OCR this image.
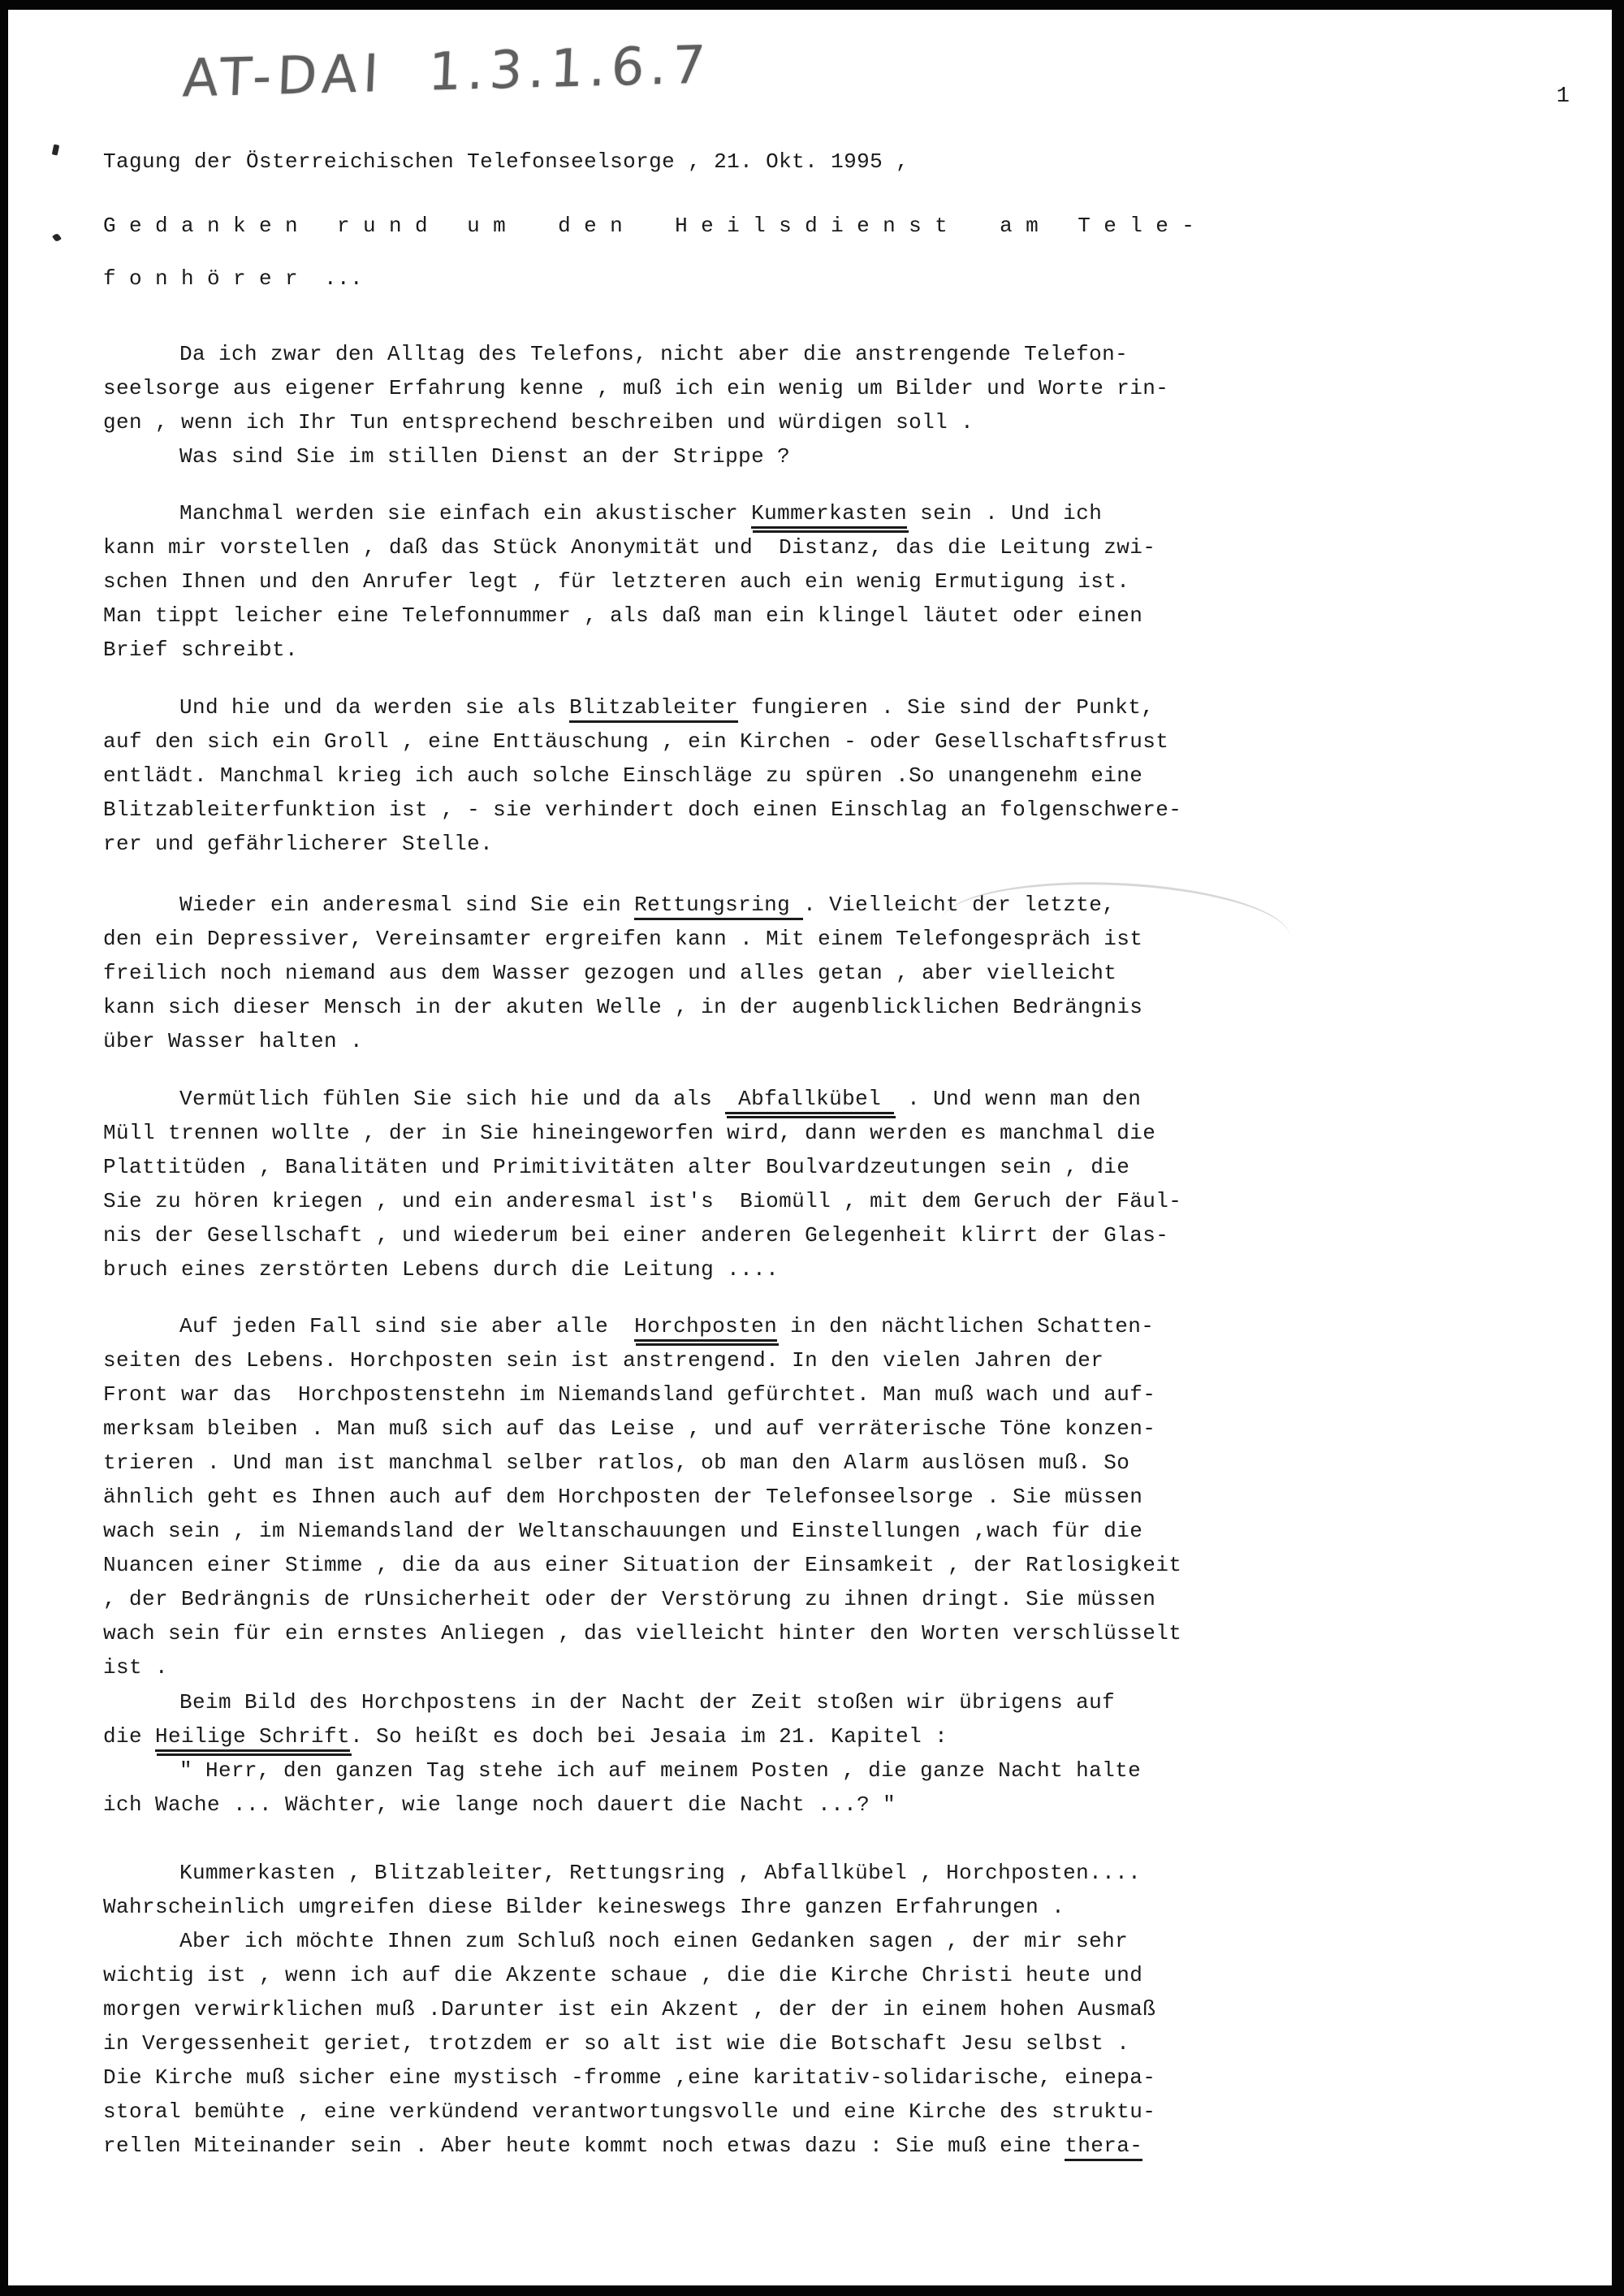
AT-DAI  1.3.1.6.7	1
Tagung der Österreichischen Telefonseelsorge , 21. Okt. 1995 ,
G e d a n k e n   r u n d   u m    d e n    H e i l s d i e n s t    a m   T e l e -
f o n h ö r e r  ...
Da ich zwar den Alltag des Telefons, nicht aber die anstrengende Telefon-
seelsorge aus eigener Erfahrung kenne , muß ich ein wenig um Bilder und Worte rin-
gen , wenn ich Ihr Tun entsprechend beschreiben und würdigen soll .
Was sind Sie im stillen Dienst an der Strippe ?
Manchmal werden sie einfach ein akustischer Kummerkasten sein . Und ich
kann mir vorstellen , daß das Stück Anonymität und  Distanz, das die Leitung zwi-
schen Ihnen und den Anrufer legt , für letzteren auch ein wenig Ermutigung ist.
Man tippt leicher eine Telefonnummer , als daß man ein klingel läutet oder einen
Brief schreibt.
Und hie und da werden sie als Blitzableiter fungieren . Sie sind der Punkt,
auf den sich ein Groll , eine Enttäuschung , ein Kirchen - oder Gesellschaftsfrust
entlädt. Manchmal krieg ich auch solche Einschläge zu spüren .So unangenehm eine
Blitzableiterfunktion ist , - sie verhindert doch einen Einschlag an folgenschwere-
rer und gefährlicherer Stelle.
Wieder ein anderesmal sind Sie ein Rettungsring . Vielleicht der letzte,
den ein Depressiver, Vereinsamter ergreifen kann . Mit einem Telefongespräch ist
freilich noch niemand aus dem Wasser gezogen und alles getan , aber vielleicht
kann sich dieser Mensch in der akuten Welle , in der augenblicklichen Bedrängnis
über Wasser halten .
Vermütlich fühlen Sie sich hie und da als  Abfallkübel  . Und wenn man den
Müll trennen wollte , der in Sie hineingeworfen wird, dann werden es manchmal die
Plattitüden , Banalitäten und Primitivitäten alter Boulvardzeutungen sein , die
Sie zu hören kriegen , und ein anderesmal ist's  Biomüll , mit dem Geruch der Fäul-
nis der Gesellschaft , und wiederum bei einer anderen Gelegenheit klirrt der Glas-
bruch eines zerstörten Lebens durch die Leitung ....
Auf jeden Fall sind sie aber alle  Horchposten in den nächtlichen Schatten-
seiten des Lebens. Horchposten sein ist anstrengend. In den vielen Jahren der
Front war das  Horchpostenstehn im Niemandsland gefürchtet. Man muß wach und auf-
merksam bleiben . Man muß sich auf das Leise , und auf verräterische Töne konzen-
trieren . Und man ist manchmal selber ratlos, ob man den Alarm auslösen muß. So
ähnlich geht es Ihnen auch auf dem Horchposten der Telefonseelsorge . Sie müssen
wach sein , im Niemandsland der Weltanschauungen und Einstellungen ,wach für die
Nuancen einer Stimme , die da aus einer Situation der Einsamkeit , der Ratlosigkeit
, der Bedrängnis de rUnsicherheit oder der Verstörung zu ihnen dringt. Sie müssen
wach sein für ein ernstes Anliegen , das vielleicht hinter den Worten verschlüsselt
ist .
Beim Bild des Horchpostens in der Nacht der Zeit stoßen wir übrigens auf
die Heilige Schrift. So heißt es doch bei Jesaia im 21. Kapitel :
" Herr, den ganzen Tag stehe ich auf meinem Posten , die ganze Nacht halte
ich Wache ... Wächter, wie lange noch dauert die Nacht ...? "
Kummerkasten , Blitzableiter, Rettungsring , Abfallkübel , Horchposten....
Wahrscheinlich umgreifen diese Bilder keineswegs Ihre ganzen Erfahrungen .
Aber ich möchte Ihnen zum Schluß noch einen Gedanken sagen , der mir sehr
wichtig ist , wenn ich auf die Akzente schaue , die die Kirche Christi heute und
morgen verwirklichen muß .Darunter ist ein Akzent , der der in einem hohen Ausmaß
in Vergessenheit geriet, trotzdem er so alt ist wie die Botschaft Jesu selbst .
Die Kirche muß sicher eine mystisch -fromme ,eine karitativ-solidarische, einepa-
storal bemühte , eine verkündend verantwortungsvolle und eine Kirche des struktu-
rellen Miteinander sein . Aber heute kommt noch etwas dazu : Sie muß eine thera-
